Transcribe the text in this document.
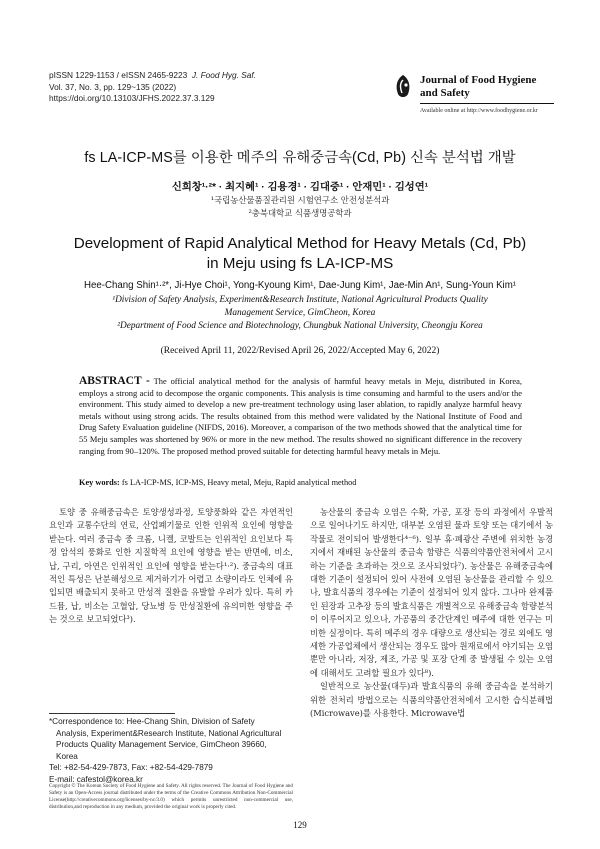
pISSN 1229-1153 / eISSN 2465-9223 J. Food Hyg. Saf.
Vol. 37, No. 3, pp. 129~135 (2022)
https://doi.org/10.13103/JFHS.2022.37.3.129
Journal of Food Hygiene
and Safety
Available online at http://www.foodhygiene.or.kr
fs LA-ICP-MS를 이용한 메주의 유해중금속(Cd, Pb) 신속 분석법 개발
신희창¹·²* · 최지혜¹ · 김용경¹ · 김대중¹ · 안재민¹ · 김성연¹
¹국립농산물품질관리원 시험연구소 안전성분석과
²충북대학교 식품생명공학과
Development of Rapid Analytical Method for Heavy Metals (Cd, Pb)
in Meju using fs LA-ICP-MS
Hee-Chang Shin¹·²*, Ji-Hye Choi¹, Yong-Kyoung Kim¹, Dae-Jung Kim¹, Jae-Min An¹, Sung-Youn Kim¹
¹Division of Safety Analysis, Experiment&Research Institute, National Agricultural Products Quality
Management Service, GimCheon, Korea
²Department of Food Science and Biotechnology, Chungbuk National University, Cheongju Korea
(Received April 11, 2022/Revised April 26, 2022/Accepted May 6, 2022)
ABSTRACT - The official analytical method for the analysis of harmful heavy metals in Meju, distributed in Korea, employs a strong acid to decompose the organic components. This analysis is time consuming and harmful to the users and/or the environment. This study aimed to develop a new pre-treatment technology using laser ablation, to rapidly analyze harmful heavy metals without using strong acids. The results obtained from this method were validated by the National Institute of Food and Drug Safety Evaluation guideline (NIFDS, 2016). Moreover, a comparison of the two methods showed that the analytical time for 55 Meju samples was shortened by 96% or more in the new method. The results showed no significant difference in the recovery ranging from 90–120%. The proposed method proved suitable for detecting harmful heavy metals in Meju.
Key words: fs LA-ICP-MS, ICP-MS, Heavy metal, Meju, Rapid analytical method

토양 중 유해중금속은 토양생성과정, 토양풍화와 같은 자연적인 요인과 교통수단의 연료, 산업폐기물로 인한 인위적 요인에 영향을 받는다. 여러 중금속 중 크롬, 니켈, 코발트는 인위적인 요인보다 특정 암석의 풍화로 인한 지질학적 요인에 영향을 받는 반면에, 비소, 납, 구리, 아연은 인위적인 요인에 영향을 받는다¹·²). 중금속의 대표적인 특성은 난분해성으로 제거하기가 어렵고 소량이라도 인체에 유입되면 배출되지 못하고 만성적 질환을 유발할 우려가 있다. 특히 카드뮴, 납, 비소는 고혈압, 당뇨병 등 만성질환에 유의미한 영향을 주는 것으로 보고되었다³).

농산물의 중금속 오염은 수확, 가공, 포장 등의 과정에서 우발적으로 일어나기도 하지만, 대부분 오염된 물과 토양 또는 대기에서 농작물로 전이되어 발생한다⁴⁻⁶). 일부 휴·폐광산 주변에 위치한 농경지에서 재배된 농산물의 중금속 함량은 식품의약품안전처에서 고시하는 기준을 초과하는 것으로 조사되었다⁷). 농산물은 유해중금속에 대한 기준이 설정되어 있어 사전에 오염된 농산물을 관리할 수 있으나, 발효식품의 경우에는 기준이 설정되어 있지 않다. 그나마 완제품인 된장과 고추장 등의 발효식품은 개별적으로 유해중금속 함량분석이 이루어지고 있으나, 가공품의 중간단계인 메주에 대한 연구는 미비한 실정이다. 특히 메주의 경우 대량으로 생산되는 경로 외에도 영세한 가공업체에서 생산되는 경우도 많아 원재료에서 야기되는 오염뿐만 아니라, 저장, 제조, 가공 및 포장 단계 중 발생될 수 있는 오염에 대해서도 고려할 필요가 있다⁸).

일반적으로 농산물(대두)과 발효식품의 유해 중금속을 분석하기 위한 전처리 방법으로는 식품의약품안전처에서 고시한 습식분해법(Microwave)를 사용한다. Microwave법

*Correspondence to: Hee-Chang Shin, Division of Safety
Analysis, Experiment&Research Institute, National Agricultural
Products Quality Management Service, GimCheon 39660,
Korea
Tel: +82-54-429-7873, Fax: +82-54-429-7879
E-mail: cafestol@korea.kr
Copyright © The Korean Society of Food Hygiene and Safety. All rights reserved. The Journal of Food Hygiene and Safety is an Open-Access journal distributed under the terms of the Creative Commons Attribution Non-Commercial License(http://creativecommons.org/licenses/by-nc/3.0) which permits unrestricted non-commercial use, distribution,and reproduction in any medium, provided the original work is properly cited.
129
